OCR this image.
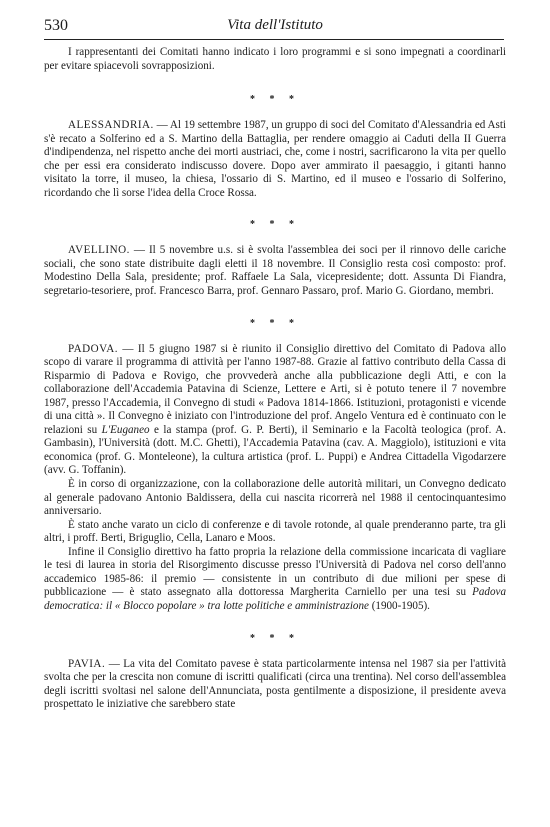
530	Vita dell'Istituto

I rappresentanti dei Comitati hanno indicato i loro programmi e si sono impegnati a coordinarli per evitare spiacevoli sovrapposizioni.

* * *

ALESSANDRIA. — Al 19 settembre 1987, un gruppo di soci del Comitato d'Alessandria ed Asti s'è recato a Solferino ed a S. Martino della Battaglia, per rendere omaggio ai Caduti della II Guerra d'indipendenza, nel rispetto anche dei morti austriaci, che, come i nostri, sacrificarono la vita per quello che per essi era considerato indiscusso dovere. Dopo aver ammirato il paesaggio, i gitanti hanno visitato la torre, il museo, la chiesa, l'ossario di S. Martino, ed il museo e l'ossario di Solferino, ricordando che lì sorse l'idea della Croce Rossa.

* * *

AVELLINO. — Il 5 novembre u.s. si è svolta l'assemblea dei soci per il rinnovo delle cariche sociali, che sono state distribuite dagli eletti il 18 novembre. Il Consiglio resta così composto: prof. Modestino Della Sala, presidente; prof. Raffaele La Sala, vicepresidente; dott. Assunta Di Fiandra, segretario-tesoriere, prof. Francesco Barra, prof. Gennaro Passaro, prof. Mario G. Giordano, membri.

* * *

PADOVA. — Il 5 giugno 1987 si è riunito il Consiglio direttivo del Comitato di Padova allo scopo di varare il programma di attività per l'anno 1987-88. Grazie al fattivo contributo della Cassa di Risparmio di Padova e Rovigo, che provvederà anche alla pubblicazione degli Atti, e con la collaborazione dell'Accademia Patavina di Scienze, Lettere e Arti, si è potuto tenere il 7 novembre 1987, presso l'Accademia, il Convegno di studi « Padova 1814-1866. Istituzioni, protagonisti e vicende di una città ». Il Convegno è iniziato con l'introduzione del prof. Angelo Ventura ed è continuato con le relazioni su L'Euganeo e la stampa (prof. G. P. Berti), il Seminario e la Facoltà teologica (prof. A. Gambasin), l'Università (dott. M.C. Ghetti), l'Accademia Patavina (cav. A. Maggiolo), istituzioni e vita economica (prof. G. Monteleone), la cultura artistica (prof. L. Puppi) e Andrea Cittadella Vigodarzere (avv. G. Toffanin).

È in corso di organizzazione, con la collaborazione delle autorità militari, un Convegno dedicato al generale padovano Antonio Baldissera, della cui nascita ricorrerà nel 1988 il centocinquantesimo anniversario.

È stato anche varato un ciclo di conferenze e di tavole rotonde, al quale prenderanno parte, tra gli altri, i proff. Berti, Briguglio, Cella, Lanaro e Moos.

Infine il Consiglio direttivo ha fatto propria la relazione della commissione incaricata di vagliare le tesi di laurea in storia del Risorgimento discusse presso l'Università di Padova nel corso dell'anno accademico 1985-86: il premio — consistente in un contributo di due milioni per spese di pubblicazione — è stato assegnato alla dottoressa Margherita Carniello per una tesi su Padova democratica: il « Blocco popolare » tra lotte politiche e amministrazione (1900-1905).

* * *

PAVIA. — La vita del Comitato pavese è stata particolarmente intensa nel 1987 sia per l'attività svolta che per la crescita non comune di iscritti qualificati (circa una trentina). Nel corso dell'assemblea degli iscritti svoltasi nel salone dell'Annunciata, posta gentilmente a disposizione, il presidente aveva prospettato le iniziative che sarebbero state
